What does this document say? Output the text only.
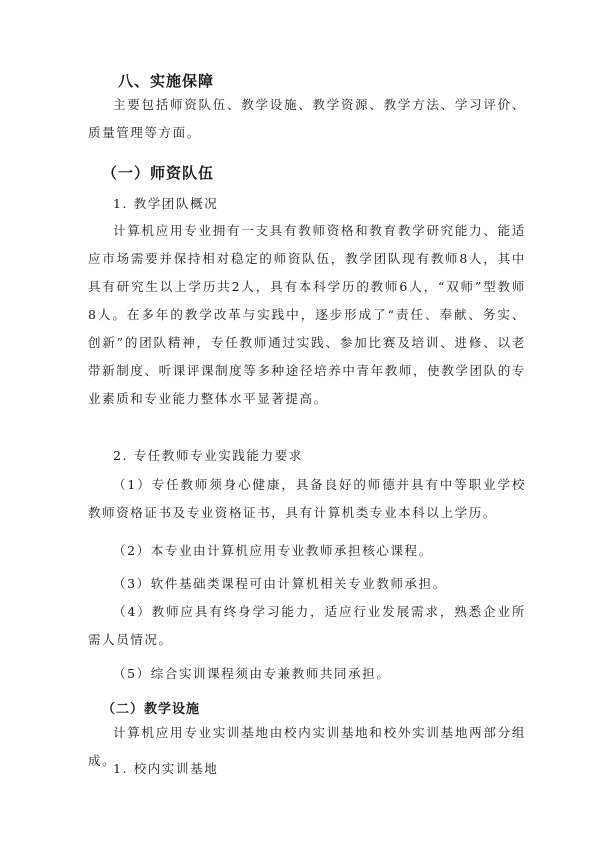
八、实施保障

主要包括师资队伍、教学设施、教学资源、教学方法、学习评价、质量管理等方面。

（一）师资队伍
1. 教学团队概况

计算机应用专业拥有一支具有教师资格和教育教学研究能力、能适应市场需要并保持相对稳定的师资队伍，教学团队现有教师8人，其中具有研究生以上学历共2人，具有本科学历的教师6人，“双师”型教师8人。在多年的教学改革与实践中，逐步形成了“责任、奉献、务实、创新”的团队精神，专任教师通过实践、参加比赛及培训、进修、以老带新制度、听课评课制度等多种途径培养中青年教师，使教学团队的专业素质和专业能力整体水平显著提高。

2. 专任教师专业实践能力要求

（1）专任教师须身心健康，具备良好的师德并具有中等职业学校教师资格证书及专业资格证书，具有计算机类专业本科以上学历。

（2）本专业由计算机应用专业教师承担核心课程。

（3）软件基础类课程可由计算机相关专业教师承担。

（4）教师应具有终身学习能力，适应行业发展需求，熟悉企业所需人员情况。

（5）综合实训课程须由专兼教师共同承担。

（二）教学设施

计算机应用专业实训基地由校内实训基地和校外实训基地两部分组成。

1. 校内实训基地
